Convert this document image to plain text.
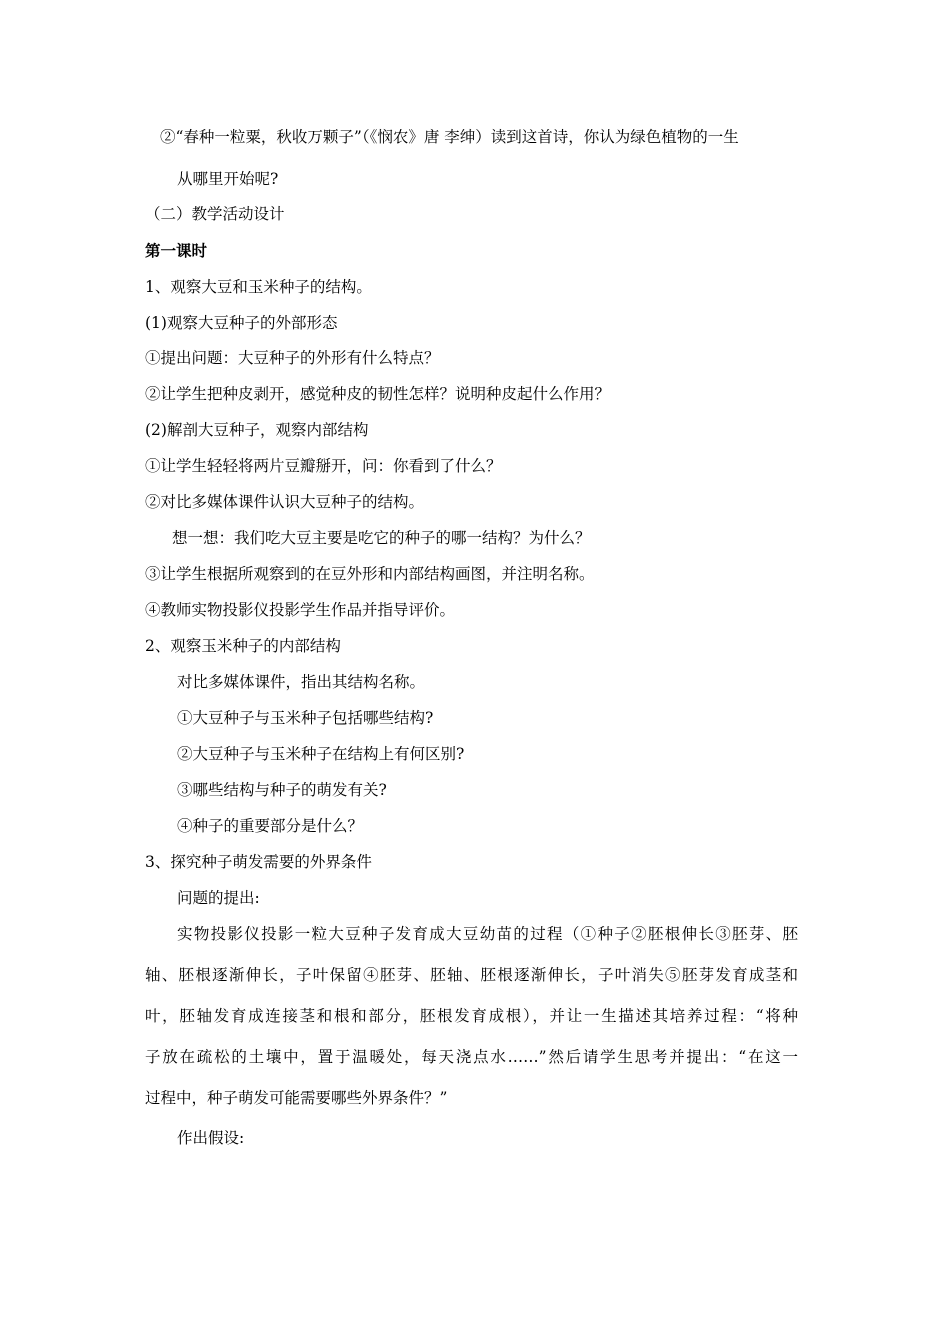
②“春种一粒粟，秋收万颗子”（《悯农》唐 李绅）读到这首诗，你认为绿色植物的一生
从哪里开始呢?
（二）教学活动设计
第一课时
1、观察大豆和玉米种子的结构。
(1)观察大豆种子的外部形态
①提出问题：大豆种子的外形有什么特点？
②让学生把种皮剥开，感觉种皮的韧性怎样？说明种皮起什么作用？
(2)解剖大豆种子，观察内部结构
①让学生轻轻将两片豆瓣掰开，问：你看到了什么？
②对比多媒体课件认识大豆种子的结构。
想一想：我们吃大豆主要是吃它的种子的哪一结构？为什么？
③让学生根据所观察到的在豆外形和内部结构画图，并注明名称。
④教师实物投影仪投影学生作品并指导评价。
2、观察玉米种子的内部结构
对比多媒体课件，指出其结构名称。
①大豆种子与玉米种子包括哪些结构?
②大豆种子与玉米种子在结构上有何区别?
③哪些结构与种子的萌发有关?
④种子的重要部分是什么？
3、探究种子萌发需要的外界条件
问题的提出:
实物投影仪投影一粒大豆种子发育成大豆幼苗的过程（①种子②胚根伸长③胚芽、胚
轴、胚根逐渐伸长，子叶保留④胚芽、胚轴、胚根逐渐伸长，子叶消失⑤胚芽发育成茎和
叶，胚轴发育成连接茎和根和部分，胚根发育成根），并让一生描述其培养过程：“将种
子放在疏松的土壤中，置于温暖处，每天浇点水……”然后请学生思考并提出：“在这一
过程中，种子萌发可能需要哪些外界条件？”
作出假设:
